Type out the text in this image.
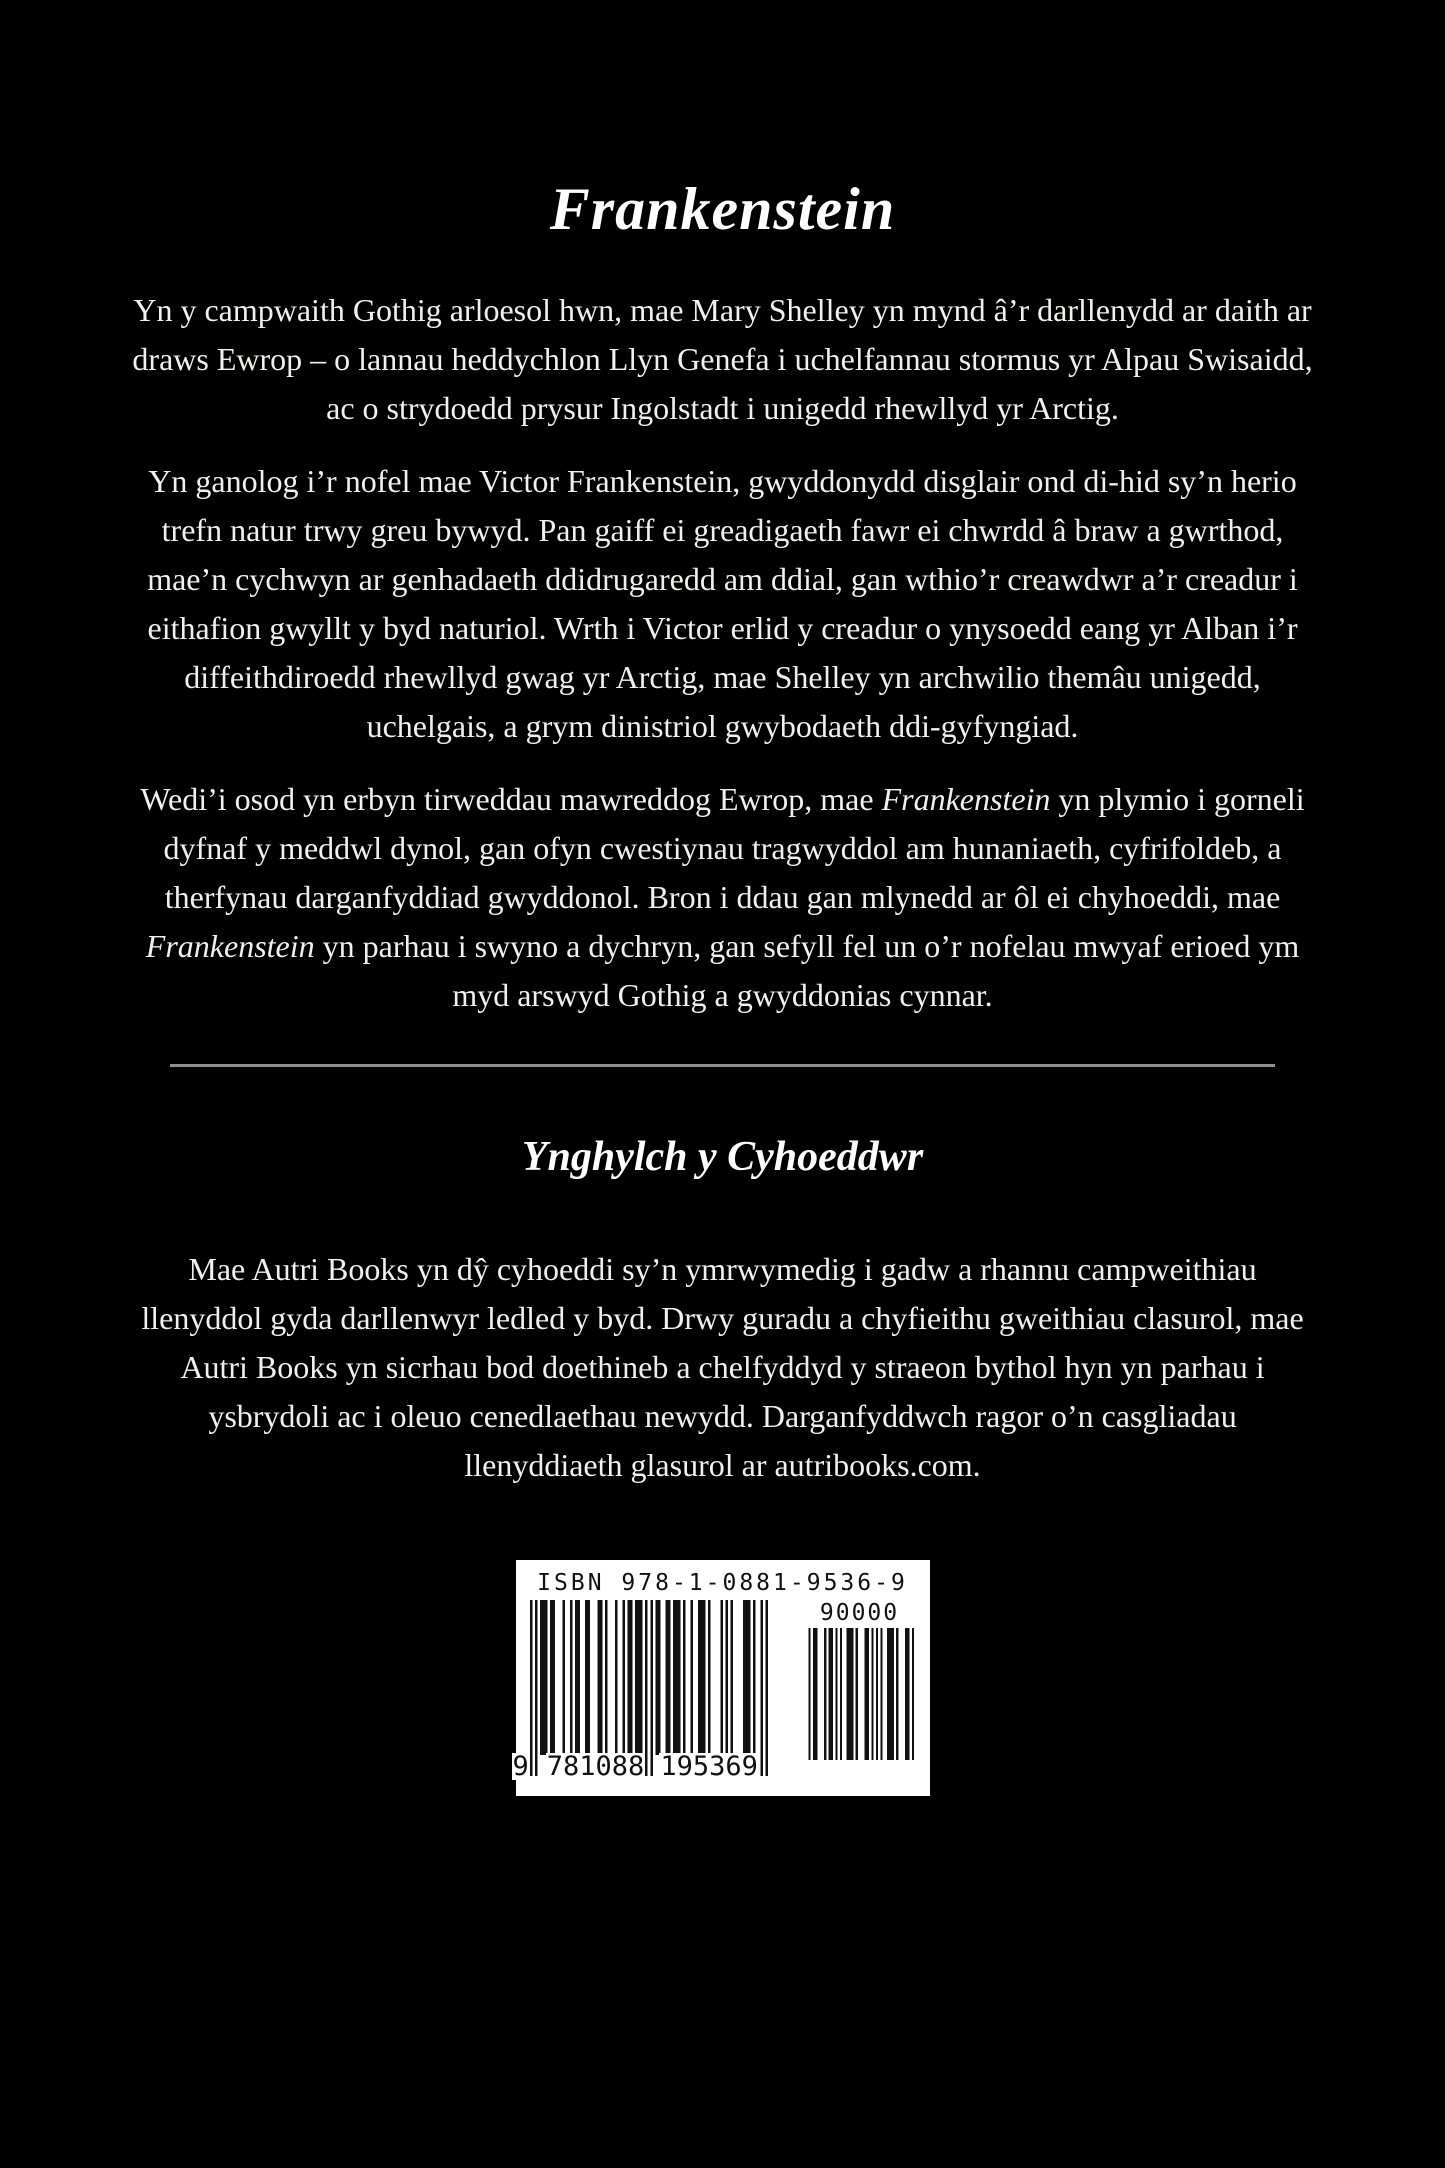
Frankenstein

Yn y campwaith Gothig arloesol hwn, mae Mary Shelley yn mynd â’r darllenydd ar daith ar draws Ewrop – o lannau heddychlon Llyn Genefa i uchelfannau stormus yr Alpau Swisaidd, ac o strydoedd prysur Ingolstadt i unigedd rhewllyd yr Arctig.

Yn ganolog i’r nofel mae Victor Frankenstein, gwyddonydd disglair ond di-hid sy’n herio trefn natur trwy greu bywyd. Pan gaiff ei greadigaeth fawr ei chwrdd â braw a gwrthod, mae’n cychwyn ar genhadaeth ddidrugaredd am ddial, gan wthio’r creawdwr a’r creadur i eithafion gwyllt y byd naturiol. Wrth i Victor erlid y creadur o ynysoedd eang yr Alban i’r diffeithdiroedd rhewllyd gwag yr Arctig, mae Shelley yn archwilio themâu unigedd, uchelgais, a grym dinistriol gwybodaeth ddi-gyfyngiad.

Wedi’i osod yn erbyn tirweddau mawreddog Ewrop, mae Frankenstein yn plymio i gorneli dyfnaf y meddwl dynol, gan ofyn cwestiynau tragwyddol am hunaniaeth, cyfrifoldeb, a therfynau darganfyddiad gwyddonol. Bron i ddau gan mlynedd ar ôl ei chyhoeddi, mae Frankenstein yn parhau i swyno a dychryn, gan sefyll fel un o’r nofelau mwyaf erioed ym myd arswyd Gothig a gwyddonias cynnar.

Ynghylch y Cyhoeddwr

Mae Autri Books yn dŷ cyhoeddi sy’n ymrwymedig i gadw a rhannu campweithiau llenyddol gyda darllenwyr ledled y byd. Drwy guradu a chyfieithu gweithiau clasurol, mae Autri Books yn sicrhau bod doethineb a chelfyddyd y straeon bythol hyn yn parhau i ysbrydoli ac i oleuo cenedlaethau newydd. Darganfyddwch ragor o’n casgliadau llenyddiaeth glasurol ar autribooks.com.

ISBN 978-1-0881-9536-9
9 781088 195369
90000
